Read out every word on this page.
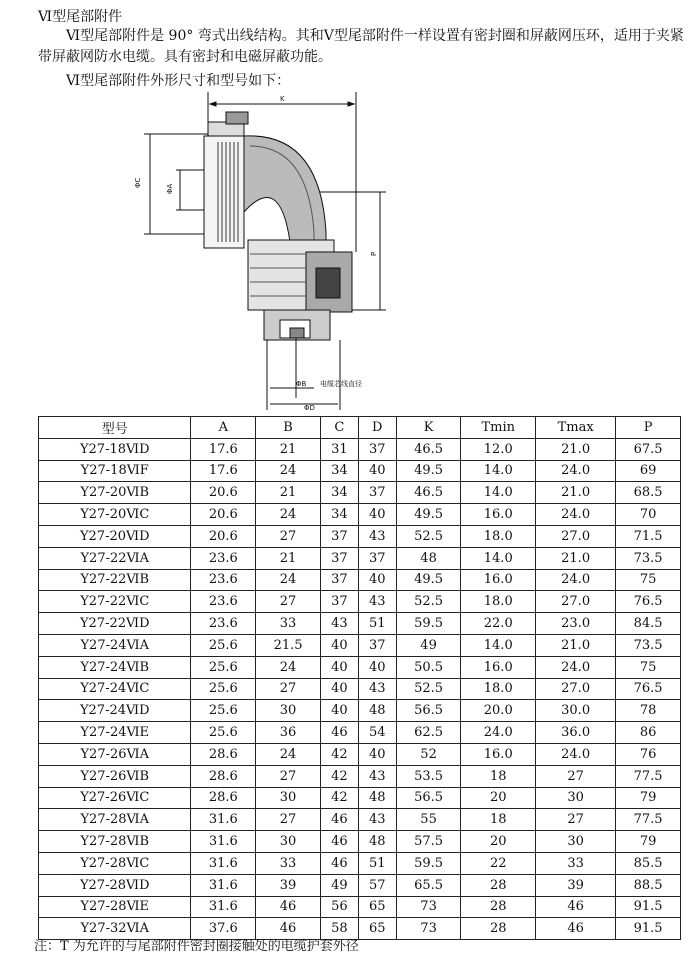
Ⅵ型尾部附件
Ⅵ型尾部附件是 90° 弯式出线结构。其和Ⅴ型尾部附件一样设置有密封圈和屏蔽网压环，适用于夹紧带屏蔽网防水电缆。具有密封和电磁屏蔽功能。
Ⅵ型尾部附件外形尺寸和型号如下：
K
ΦC
ΦA
P
ΦB 电缆芯线直径
ΦD
型号	A	B	C	D	K	Tmin	Tmax	P
Y27-18ⅥD	17.6	21	31	37	46.5	12.0	21.0	67.5
Y27-18ⅥF	17.6	24	34	40	49.5	14.0	24.0	69
Y27-20ⅥB	20.6	21	34	37	46.5	14.0	21.0	68.5
Y27-20ⅥC	20.6	24	34	40	49.5	16.0	24.0	70
Y27-20ⅥD	20.6	27	37	43	52.5	18.0	27.0	71.5
Y27-22ⅥA	23.6	21	37	37	48	14.0	21.0	73.5
Y27-22ⅥB	23.6	24	37	40	49.5	16.0	24.0	75
Y27-22ⅥC	23.6	27	37	43	52.5	18.0	27.0	76.5
Y27-22ⅥD	23.6	33	43	51	59.5	22.0	23.0	84.5
Y27-24ⅥA	25.6	21.5	40	37	49	14.0	21.0	73.5
Y27-24ⅥB	25.6	24	40	40	50.5	16.0	24.0	75
Y27-24ⅥC	25.6	27	40	43	52.5	18.0	27.0	76.5
Y27-24ⅥD	25.6	30	40	48	56.5	20.0	30.0	78
Y27-24ⅥE	25.6	36	46	54	62.5	24.0	36.0	86
Y27-26ⅥA	28.6	24	42	40	52	16.0	24.0	76
Y27-26ⅥB	28.6	27	42	43	53.5	18	27	77.5
Y27-26ⅥC	28.6	30	42	48	56.5	20	30	79
Y27-28ⅥA	31.6	27	46	43	55	18	27	77.5
Y27-28ⅥB	31.6	30	46	48	57.5	20	30	79
Y27-28ⅥC	31.6	33	46	51	59.5	22	33	85.5
Y27-28ⅥD	31.6	39	49	57	65.5	28	39	88.5
Y27-28ⅥE	31.6	46	56	65	73	28	46	91.5
Y27-32ⅥA	37.6	46	58	65	73	28	46	91.5
注：T 为允许的与尾部附件密封圈接触处的电缆护套外径
